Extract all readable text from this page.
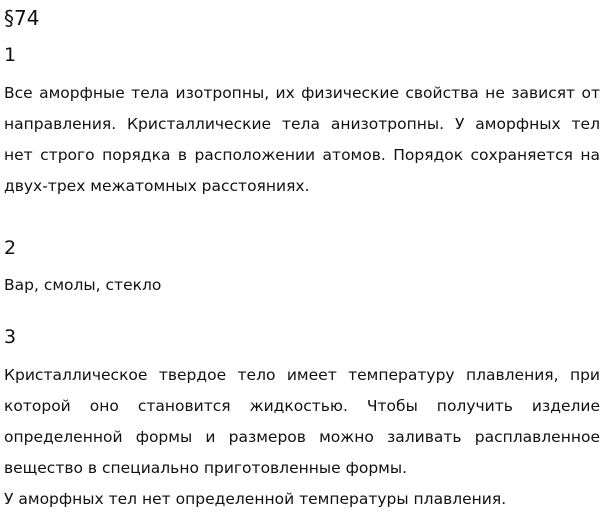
§74
1
Все аморфные тела изотропны, их физические свойства не зависят от
направления. Кристаллические тела анизотропны. У аморфных тел
нет строго порядка в расположении атомов. Порядок сохраняется на
двух-трех межатомных расстояниях.
2
Вар, смолы, стекло
3
Кристаллическое твердое тело имеет температуру плавления, при
которой оно становится жидкостью. Чтобы получить изделие
определенной формы и размеров можно заливать расплавленное
вещество в специально приготовленные формы.
У аморфных тел нет определенной температуры плавления.
